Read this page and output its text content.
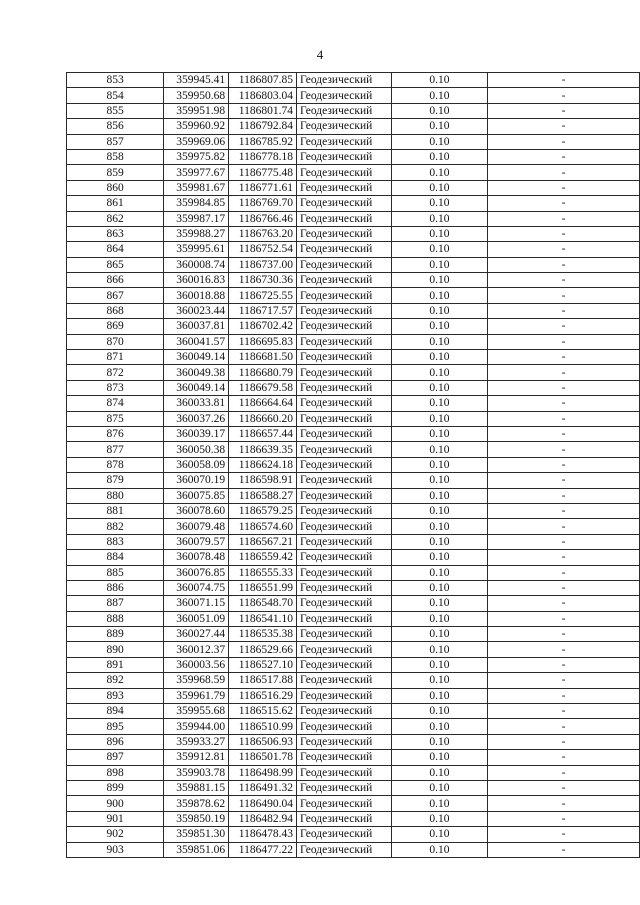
4
853	359945.41	1186807.85	Геодезический	0.10	-
854	359950.68	1186803.04	Геодезический	0.10	-
855	359951.98	1186801.74	Геодезический	0.10	-
856	359960.92	1186792.84	Геодезический	0.10	-
857	359969.06	1186785.92	Геодезический	0.10	-
858	359975.82	1186778.18	Геодезический	0.10	-
859	359977.67	1186775.48	Геодезический	0.10	-
860	359981.67	1186771.61	Геодезический	0.10	-
861	359984.85	1186769.70	Геодезический	0.10	-
862	359987.17	1186766.46	Геодезический	0.10	-
863	359988.27	1186763.20	Геодезический	0.10	-
864	359995.61	1186752.54	Геодезический	0.10	-
865	360008.74	1186737.00	Геодезический	0.10	-
866	360016.83	1186730.36	Геодезический	0.10	-
867	360018.88	1186725.55	Геодезический	0.10	-
868	360023.44	1186717.57	Геодезический	0.10	-
869	360037.81	1186702.42	Геодезический	0.10	-
870	360041.57	1186695.83	Геодезический	0.10	-
871	360049.14	1186681.50	Геодезический	0.10	-
872	360049.38	1186680.79	Геодезический	0.10	-
873	360049.14	1186679.58	Геодезический	0.10	-
874	360033.81	1186664.64	Геодезический	0.10	-
875	360037.26	1186660.20	Геодезический	0.10	-
876	360039.17	1186657.44	Геодезический	0.10	-
877	360050.38	1186639.35	Геодезический	0.10	-
878	360058.09	1186624.18	Геодезический	0.10	-
879	360070.19	1186598.91	Геодезический	0.10	-
880	360075.85	1186588.27	Геодезический	0.10	-
881	360078.60	1186579.25	Геодезический	0.10	-
882	360079.48	1186574.60	Геодезический	0.10	-
883	360079.57	1186567.21	Геодезический	0.10	-
884	360078.48	1186559.42	Геодезический	0.10	-
885	360076.85	1186555.33	Геодезический	0.10	-
886	360074.75	1186551.99	Геодезический	0.10	-
887	360071.15	1186548.70	Геодезический	0.10	-
888	360051.09	1186541.10	Геодезический	0.10	-
889	360027.44	1186535.38	Геодезический	0.10	-
890	360012.37	1186529.66	Геодезический	0.10	-
891	360003.56	1186527.10	Геодезический	0.10	-
892	359968.59	1186517.88	Геодезический	0.10	-
893	359961.79	1186516.29	Геодезический	0.10	-
894	359955.68	1186515.62	Геодезический	0.10	-
895	359944.00	1186510.99	Геодезический	0.10	-
896	359933.27	1186506.93	Геодезический	0.10	-
897	359912.81	1186501.78	Геодезический	0.10	-
898	359903.78	1186498.99	Геодезический	0.10	-
899	359881.15	1186491.32	Геодезический	0.10	-
900	359878.62	1186490.04	Геодезический	0.10	-
901	359850.19	1186482.94	Геодезический	0.10	-
902	359851.30	1186478.43	Геодезический	0.10	-
903	359851.06	1186477.22	Геодезический	0.10	-
